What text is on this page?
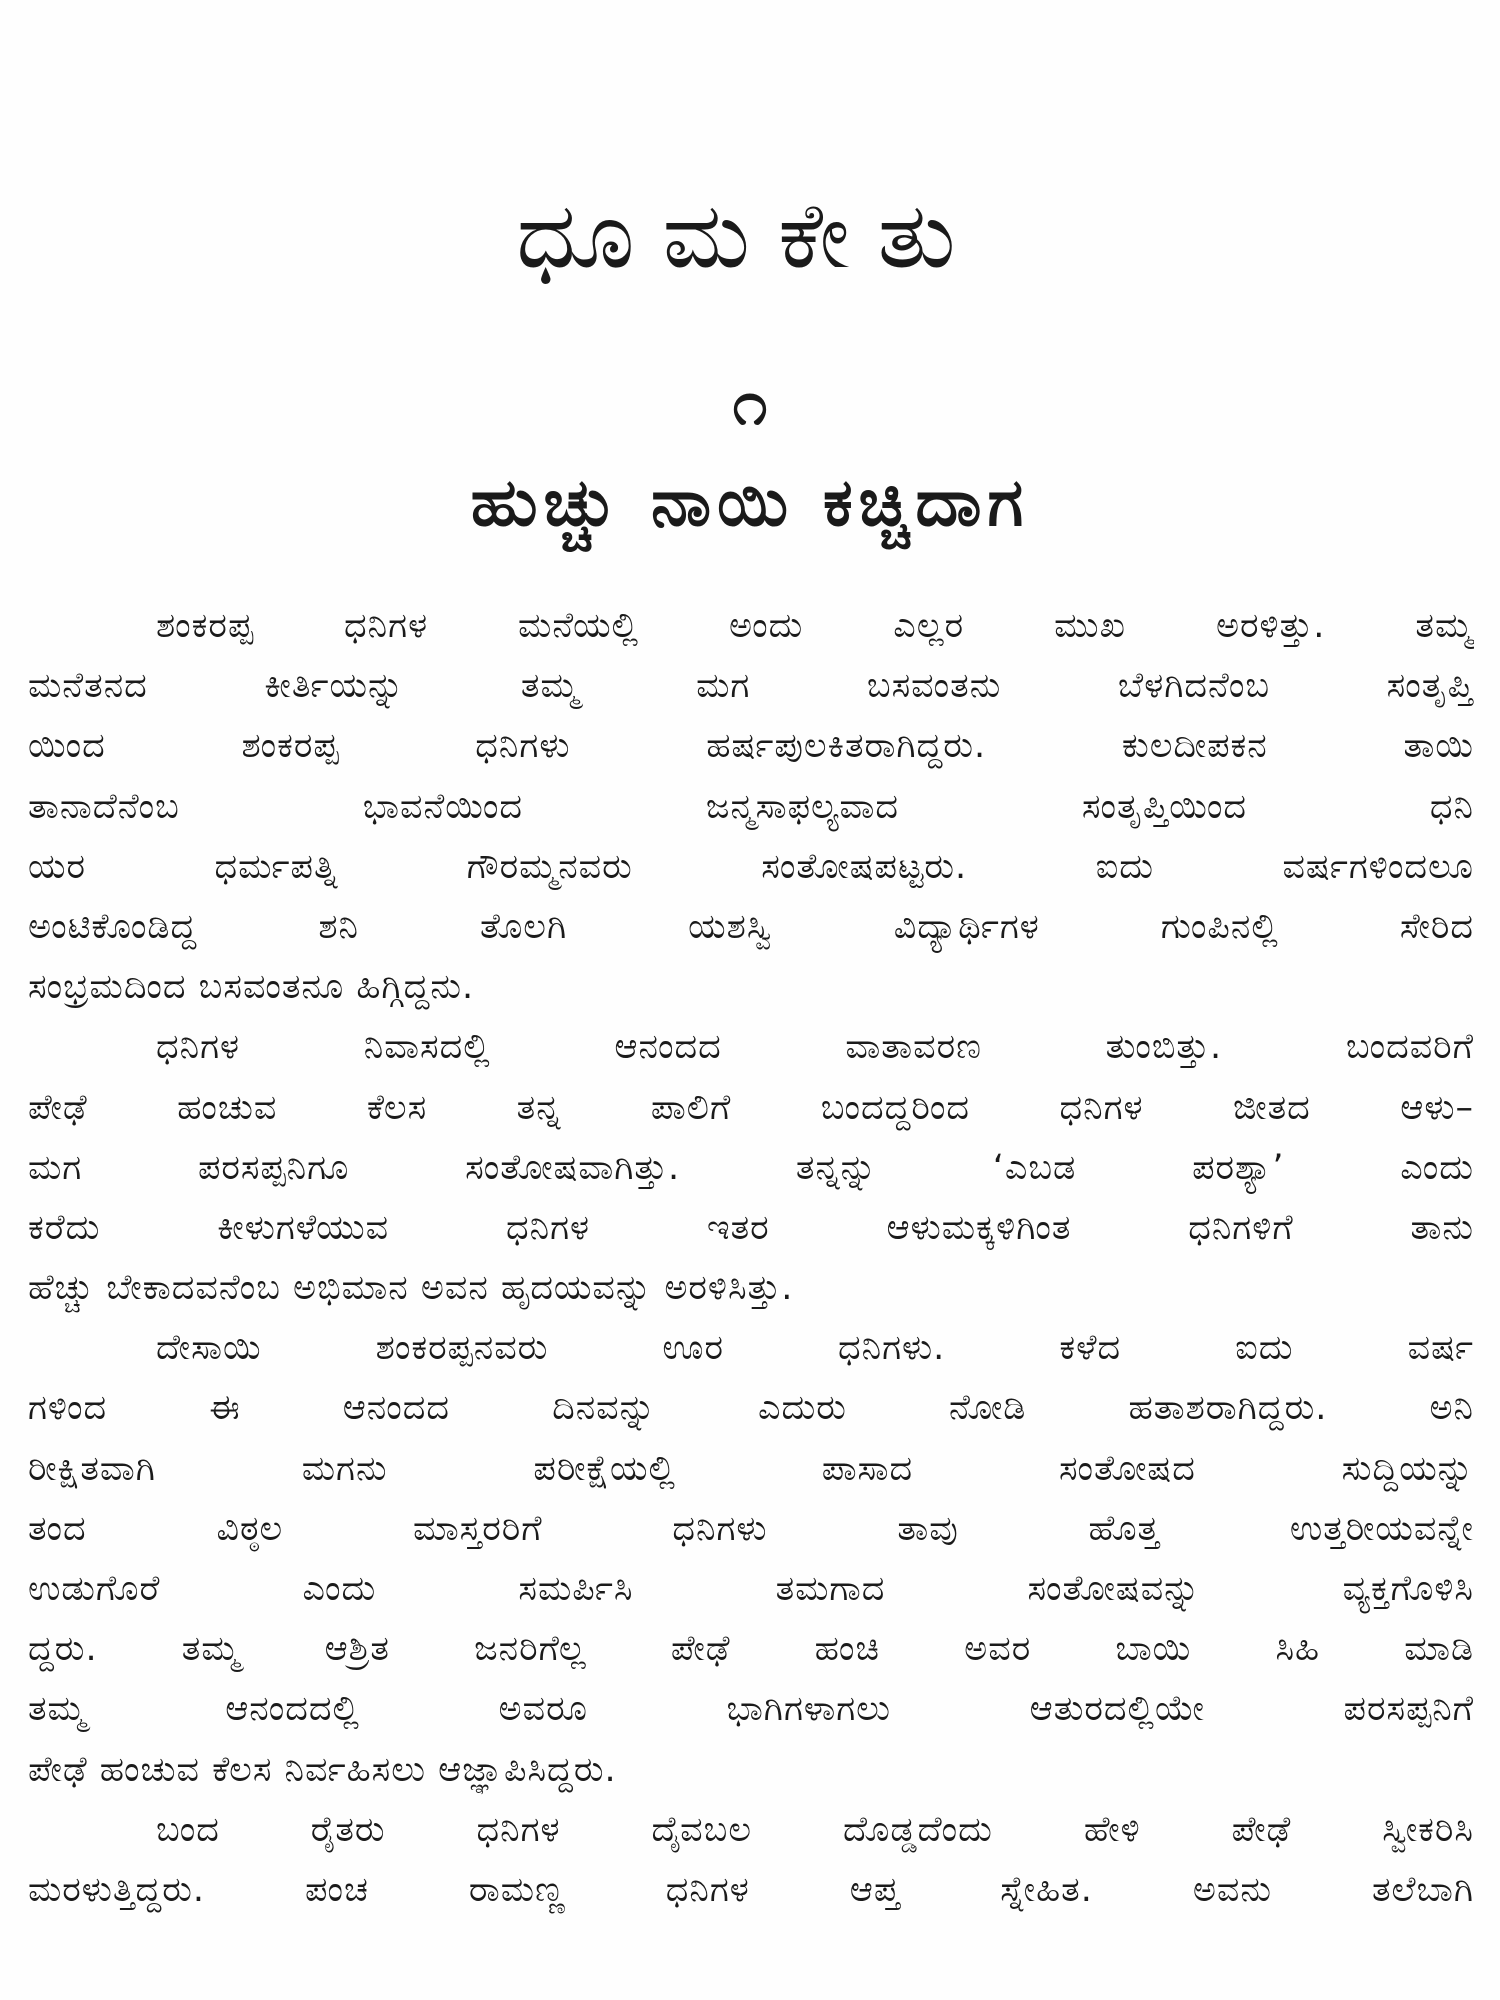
ಧೂಮಕೇತು
೧
ಹುಚ್ಚು ನಾಯಿ ಕಚ್ಚಿದಾಗ
ಶಂಕರಪ್ಪ ಧನಿಗಳ ಮನೆಯಲ್ಲಿ ಅಂದು ಎಲ್ಲರ ಮುಖ ಅರಳಿತ್ತು. ತಮ್ಮ
ಮನೆತನದ ಕೀರ್ತಿಯನ್ನು ತಮ್ಮ ಮಗ ಬಸವಂತನು ಬೆಳಗಿದನೆಂಬ ಸಂತೃಪ್ತಿ
ಯಿಂದ ಶಂಕರಪ್ಪ ಧನಿಗಳು ಹರ್ಷಪುಲಕಿತರಾಗಿದ್ದರು. ಕುಲದೀಪಕನ ತಾಯಿ
ತಾನಾದೆನೆಂಬ ಭಾವನೆಯಿಂದ ಜನ್ಮಸಾಫಲ್ಯವಾದ ಸಂತೃಪ್ತಿಯಿಂದ ಧನಿ
ಯರ ಧರ್ಮಪತ್ನಿ ಗೌರಮ್ಮನವರು ಸಂತೋಷಪಟ್ಟರು. ಐದು ವರ್ಷಗಳಿಂದಲೂ
ಅಂಟಿಕೊಂಡಿದ್ದ ಶನಿ ತೊಲಗಿ ಯಶಸ್ವಿ ವಿದ್ಯಾರ್ಥಿಗಳ ಗುಂಪಿನಲ್ಲಿ ಸೇರಿದ
ಸಂಭ್ರಮದಿಂದ ಬಸವಂತನೂ ಹಿಗ್ಗಿದ್ದನು.
ಧನಿಗಳ ನಿವಾಸದಲ್ಲಿ ಆನಂದದ ವಾತಾವರಣ ತುಂಬಿತ್ತು. ಬಂದವರಿಗೆ
ಪೇಢೆ ಹಂಚುವ ಕೆಲಸ ತನ್ನ ಪಾಲಿಗೆ ಬಂದದ್ದರಿಂದ ಧನಿಗಳ ಜೀತದ ಆಳು–
ಮಗ ಪರಸಪ್ಪನಿಗೂ ಸಂತೋಷವಾಗಿತ್ತು. ತನ್ನನ್ನು ‘ಎಬಡ ಪರಶ್ಯಾ’ ಎಂದು
ಕರೆದು ಕೀಳುಗಳೆಯುವ ಧನಿಗಳ ಇತರ ಆಳುಮಕ್ಕಳಿಗಿಂತ ಧನಿಗಳಿಗೆ ತಾನು
ಹೆಚ್ಚು ಬೇಕಾದವನೆಂಬ ಅಭಿಮಾನ ಅವನ ಹೃದಯವನ್ನು ಅರಳಿಸಿತ್ತು.
ದೇಸಾಯಿ ಶಂಕರಪ್ಪನವರು ಊರ ಧನಿಗಳು. ಕಳೆದ ಐದು ವರ್ಷ
ಗಳಿಂದ ಈ ಆನಂದದ ದಿನವನ್ನು ಎದುರು ನೋಡಿ ಹತಾಶರಾಗಿದ್ದರು. ಅನಿ
ರೀಕ್ಷಿತವಾಗಿ ಮಗನು ಪರೀಕ್ಷೆಯಲ್ಲಿ ಪಾಸಾದ ಸಂತೋಷದ ಸುದ್ದಿಯನ್ನು
ತಂದ ವಿಠ್ಠಲ ಮಾಸ್ತರರಿಗೆ ಧನಿಗಳು ತಾವು ಹೊತ್ತ ಉತ್ತರೀಯವನ್ನೇ
ಉಡುಗೊರೆ ಎಂದು ಸಮರ್ಪಿಸಿ ತಮಗಾದ ಸಂತೋಷವನ್ನು ವ್ಯಕ್ತಗೊಳಿಸಿ
ದ್ದರು. ತಮ್ಮ ಆಶ್ರಿತ ಜನರಿಗೆಲ್ಲ ಪೇಢೆ ಹಂಚಿ ಅವರ ಬಾಯಿ ಸಿಹಿ ಮಾಡಿ
ತಮ್ಮ ಆನಂದದಲ್ಲಿ ಅವರೂ ಭಾಗಿಗಳಾಗಲು ಆತುರದಲ್ಲಿಯೇ ಪರಸಪ್ಪನಿಗೆ
ಪೇಢೆ ಹಂಚುವ ಕೆಲಸ ನಿರ್ವಹಿಸಲು ಆಜ್ಞಾಪಿಸಿದ್ದರು.
ಬಂದ ರೈತರು ಧನಿಗಳ ದೈವಬಲ ದೊಡ್ಡದೆಂದು ಹೇಳಿ ಪೇಢೆ ಸ್ವೀಕರಿಸಿ
ಮರಳುತ್ತಿದ್ದರು. ಪಂಚ ರಾಮಣ್ಣ ಧನಿಗಳ ಆಪ್ತ ಸ್ನೇಹಿತ. ಅವನು ತಲೆಬಾಗಿ
